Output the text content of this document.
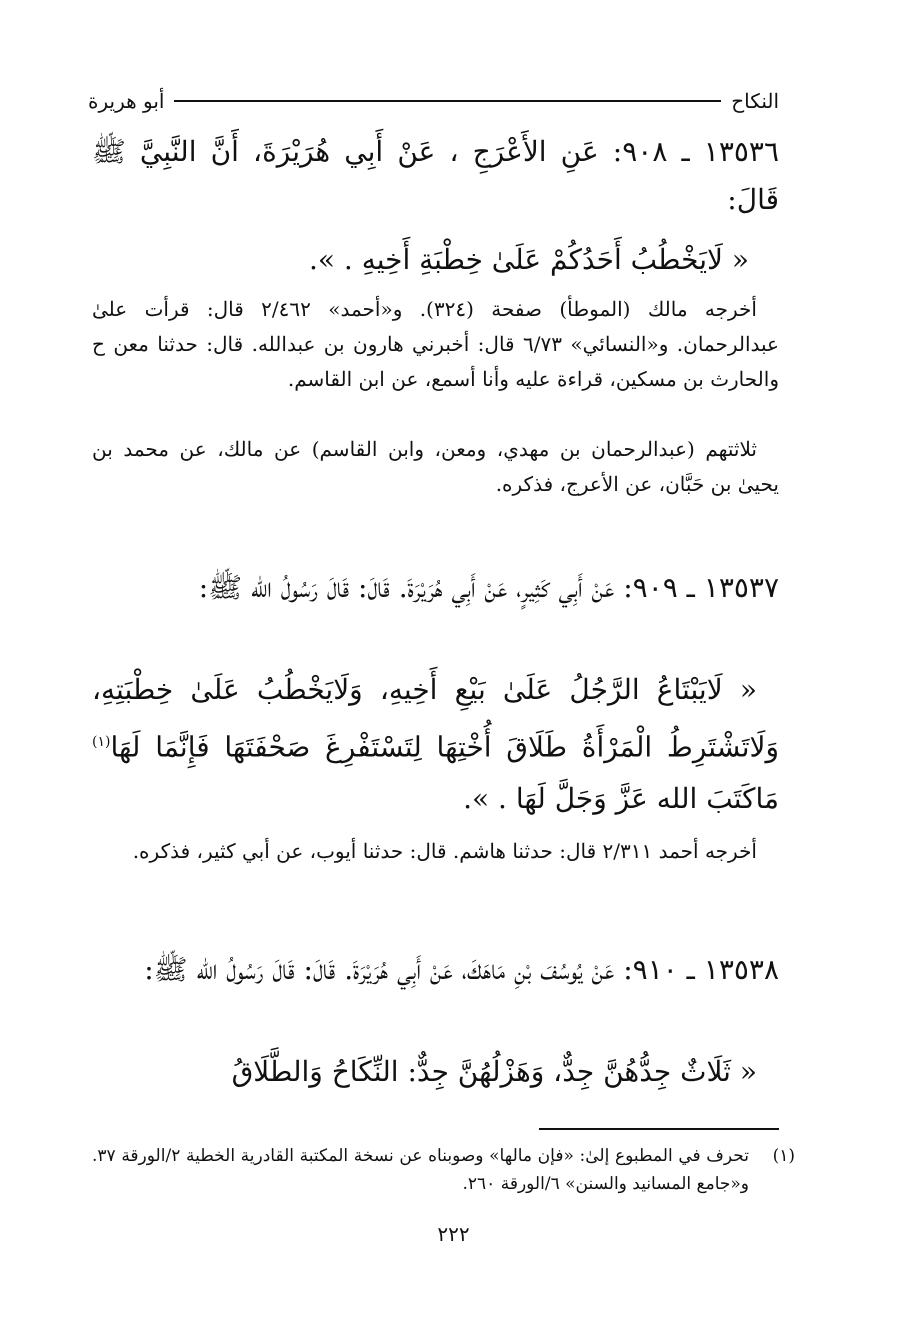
النكاح
أبو هريرة
١٣٥٣٦ ـ ٩٠٨: عَنِ الأَعْرَجِ ، عَنْ أَبِي هُرَيْرَةَ، أَنَّ النَّبِيَّ ﷺ قَالَ:
« لَايَخْطُبُ أَحَدُكُمْ عَلَىٰ خِطْبَةِ أَخِيهِ . ».
أخرجه مالك (الموطأ) صفحة (٣٢٤). و«أحمد» ٢/٤٦٢ قال: قرأت علىٰ عبدالرحمان. و«النسائي» ٦/٧٣ قال: أخبرني هارون بن عبدالله. قال: حدثنا معن ح والحارث بن مسكين، قراءة عليه وأنا أسمع، عن ابن القاسم.
ثلاثتهم (عبدالرحمان بن مهدي، ومعن، وابن القاسم) عن مالك، عن محمد بن يحيىٰ بن حَبَّان، عن الأعرج، فذكره.
١٣٥٣٧ ـ ٩٠٩: عَنْ أَبِي كَثِيرٍ، عَنْ أَبِي هُرَيْرَةَ. قَالَ: قَالَ رَسُولُ الله ﷺ:
« لَايَبْتَاعُ الرَّجُلُ عَلَىٰ بَيْعِ أَخِيهِ، وَلَايَخْطُبُ عَلَىٰ خِطْبَتِهِ، وَلَاتَشْتَرِطُ الْمَرْأَةُ طَلَاقَ أُخْتِهَا لِتَسْتَفْرِغَ صَحْفَتَهَا فَإِنَّمَا لَهَا$^{(١)}$ مَاكَتَبَ الله عَزَّ وَجَلَّ لَهَا . ».
أخرجه أحمد ٢/٣١١ قال: حدثنا هاشم. قال: حدثنا أيوب، عن أبي كثير، فذكره.
١٣٥٣٨ ـ ٩١٠: عَنْ يُوسُفَ بْنِ مَاهَكَ، عَنْ أَبِي هُرَيْرَةَ. قَالَ: قَالَ رَسُولُ الله ﷺ:
« ثَلَاثٌ جِدُّهُنَّ جِدٌّ، وَهَزْلُهُنَّ جِدٌّ: النِّكَاحُ وَالطَّلَاقُ
(١)
تحرف في المطبوع إلىٰ: «فإن مالها» وصوبناه عن نسخة المكتبة القادرية الخطية ٢/الورقة ٣٧. و«جامع المسانيد والسنن» ٦/الورقة ٢٦٠.
٢٢٢
